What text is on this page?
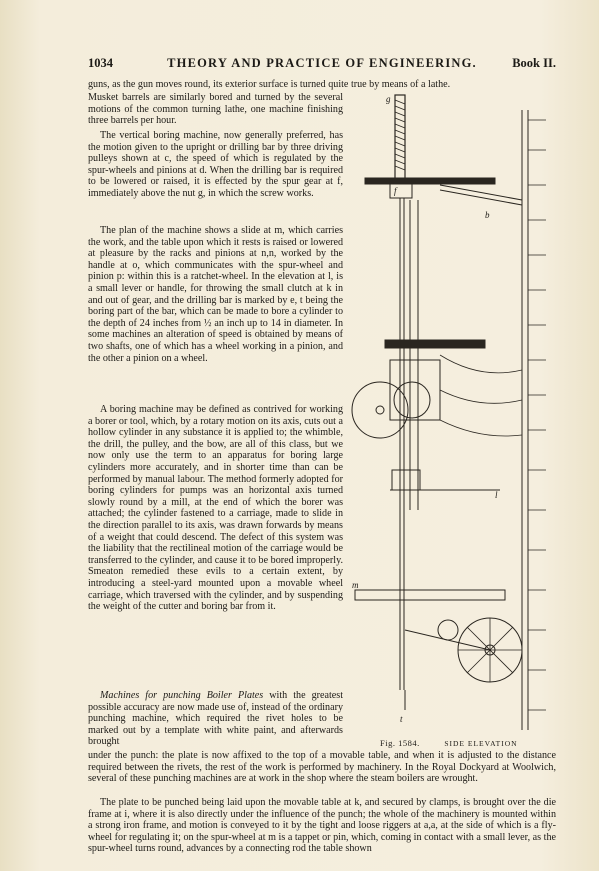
1034	THEORY AND PRACTICE OF ENGINEERING.	Book II.
guns, as the gun moves round, its exterior surface is turned quite true by means of a lathe.

Musket barrels are similarly bored and turned by the several motions of the common turning lathe, one machine finishing three barrels per hour.

The vertical boring machine, now generally preferred, has the motion given to the upright or drilling bar by three driving pulleys shown at c, the speed of which is regulated by the spur-wheels and pinions at d. When the drilling bar is required to be lowered or raised, it is effected by the spur gear at f, immediately above the nut g, in which the screw works.

The plan of the machine shows a slide at m, which carries the work, and the table upon which it rests is raised or lowered at pleasure by the racks and pinions at n,n, worked by the handle at o, which communicates with the spur-wheel and pinion p: within this is a ratchet-wheel. In the elevation at l, is a small lever or handle, for throwing the small clutch at k in and out of gear, and the drilling bar is marked by e, t being the boring part of the bar, which can be made to bore a cylinder to the depth of 24 inches from ½ an inch up to 14 in diameter. In some machines an alteration of speed is obtained by means of two shafts, one of which has a wheel working in a pinion, and the other a pinion on a wheel.

A boring machine may be defined as contrived for working a borer or tool, which, by a rotary motion on its axis, cuts out a hollow cylinder in any substance it is applied to; the whimble, the drill, the pulley, and the bow, are all of this class, but we now only use the term to an apparatus for boring large cylinders more accurately, and in shorter time than can be performed by manual labour. The method formerly adopted for boring cylinders for pumps was an horizontal axis turned slowly round by a mill, at the end of which the borer was attached; the cylinder fastened to a carriage, made to slide in the direction parallel to its axis, was drawn forwards by means of a weight that could descend. The defect of this system was the liability that the rectilineal motion of the carriage would be transferred to the cylinder, and cause it to be bored improperly. Smeaton remedied these evils to a certain extent, by introducing a steel-yard mounted upon a movable wheel carriage, which traversed with the cylinder, and by suspending the weight of the cutter and boring bar from it.

Machines for punching Boiler Plates with the greatest possible accuracy are now made use of, instead of the ordinary punching machine, which required the rivet holes to be marked out by a template with white paint, and afterwards brought

under the punch: the plate is now affixed to the top of a movable table, and when it is adjusted to the distance required between the rivets, the rest of the work is performed by machinery. In the Royal Dockyard at Woolwich, several of these punching machines are at work in the shop where the steam boilers are wrought.

The plate to be punched being laid upon the movable table at k, and secured by clamps, is brought over the die frame at i, where it is also directly under the influence of the punch; the whole of the machinery is mounted within a strong iron frame, and motion is conveyed to it by the tight and loose riggers at a,a, at the side of which is a fly-wheel for regulating it; on the spur-wheel at m is a tappet or pin, which, coming in contact with a small lever, as the spur-wheel turns round, advances by a connecting rod the table shown

g
f
b
m
l
t
Fig. 1584.	SIDE ELEVATION
